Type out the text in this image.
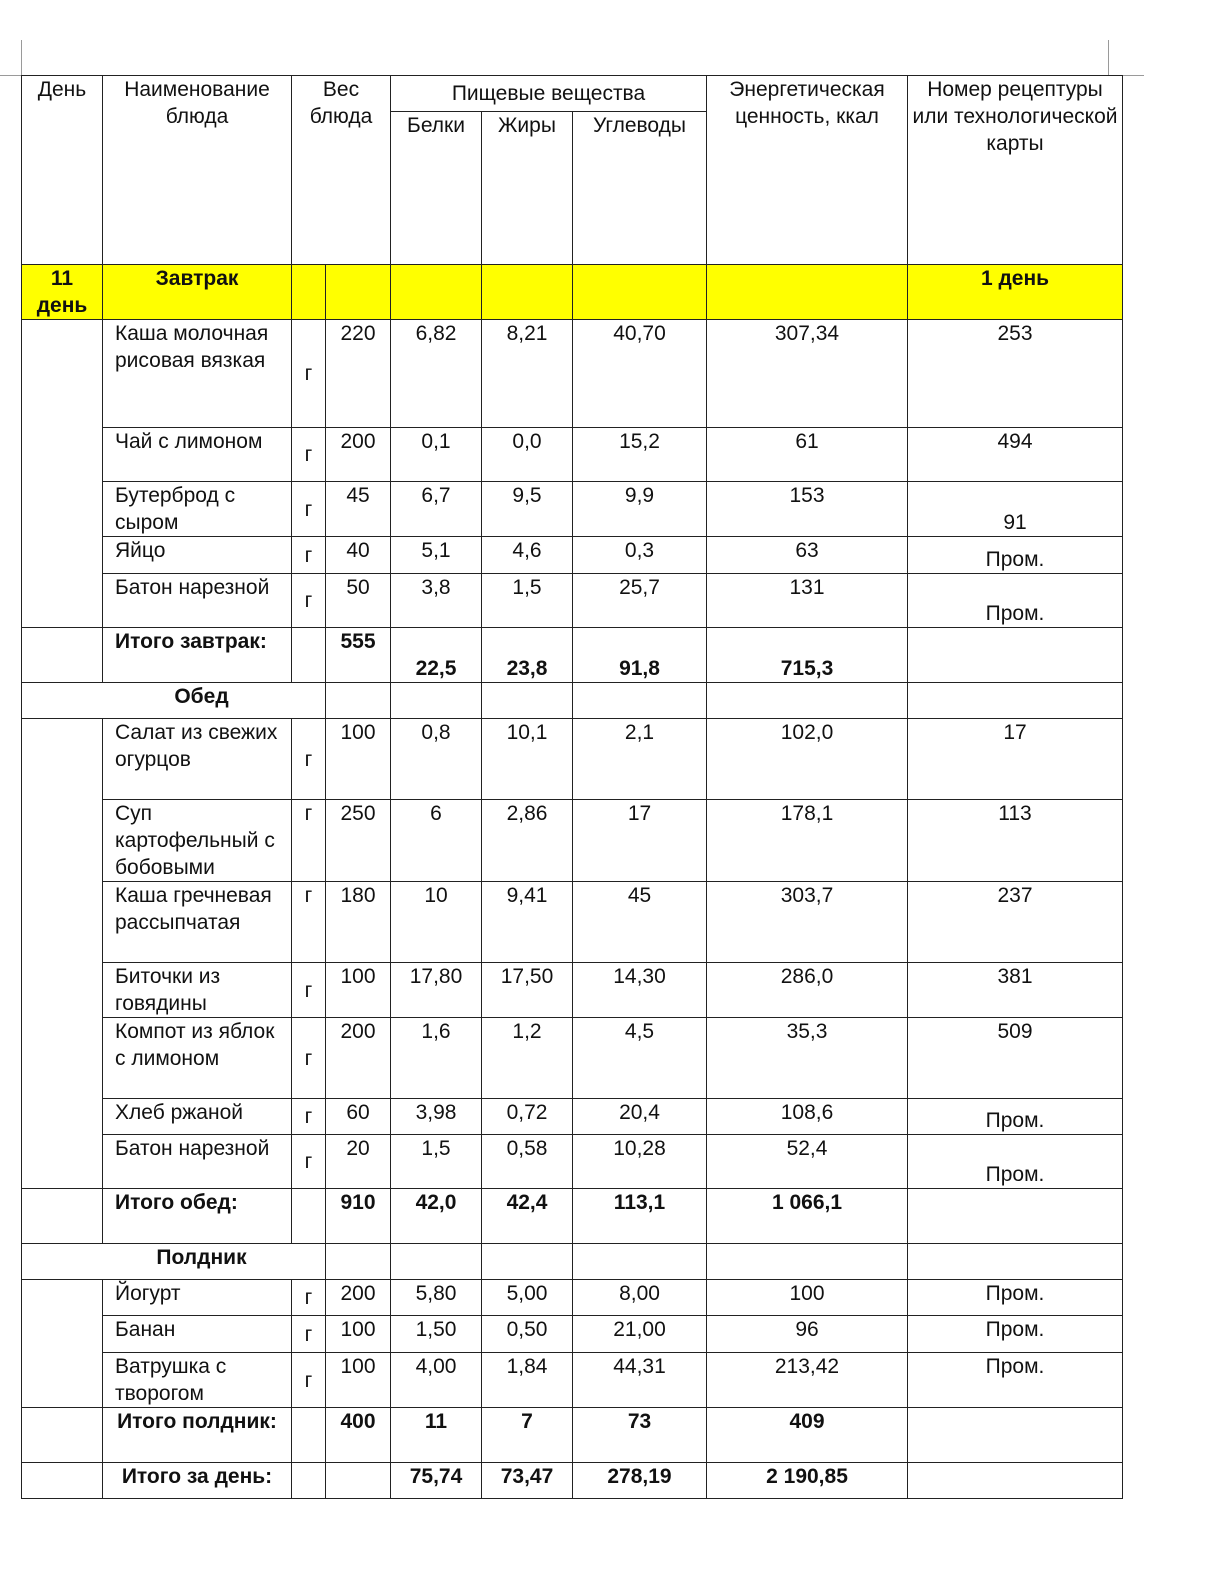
День	Наименование блюда	Вес блюда		Пищевые вещества			Энергетическая ценность, ккал	Номер рецептуры или технологической карты
				Белки	Жиры	Углеводы		
11 день	Завтрак							1 день
	Каша молочная рисовая вязкая	г	220	6,82	8,21	40,70	307,34	253
	Чай с лимоном	г	200	0,1	0,0	15,2	61	494
	Бутерброд с сыром	г	45	6,7	9,5	9,9	153	91
	Яйцо	г	40	5,1	4,6	0,3	63	Пром.
	Батон нарезной	г	50	3,8	1,5	25,7	131	Пром.
	Итого завтрак:		555	22,5	23,8	91,8	715,3	
Обед								
	Салат из свежих огурцов	г	100	0,8	10,1	2,1	102,0	17
	Суп картофельный с бобовыми	г	250	6	2,86	17	178,1	113
	Каша гречневая рассыпчатая	г	180	10	9,41	45	303,7	237
	Биточки из говядины	г	100	17,80	17,50	14,30	286,0	381
	Компот из яблок с лимоном	г	200	1,6	1,2	4,5	35,3	509
	Хлеб ржаной	г	60	3,98	0,72	20,4	108,6	Пром.
	Батон нарезной	г	20	1,5	0,58	10,28	52,4	Пром.
	Итого обед:		910	42,0	42,4	113,1	1 066,1	
Полдник								
	Йогурт	г	200	5,80	5,00	8,00	100	Пром.
	Банан	г	100	1,50	0,50	21,00	96	Пром.
	Ватрушка с творогом	г	100	4,00	1,84	44,31	213,42	Пром.
	Итого полдник:		400	11	7	73	409	
	Итого за день:			75,74	73,47	278,19	2 190,85	
